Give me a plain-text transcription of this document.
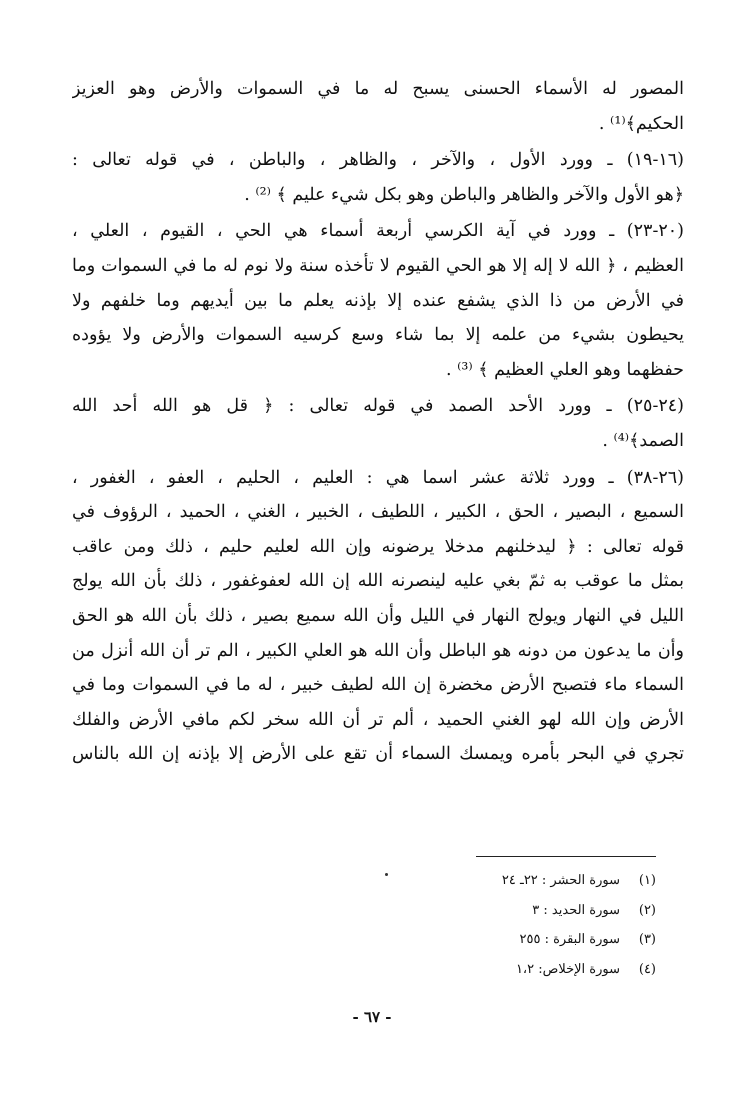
المصور له الأسماء الحسنى يسبح له ما في السموات والأرض وهو العزيز
الحكيم﴾⁽¹⁾ .
(١٦-١٩) ـ وورد الأول ، والآخر ، والظاهر ، والباطن ، في قوله تعالى :
﴿هو الأول والآخر والظاهر والباطن وهو بكل شيء عليم ﴾ ⁽²⁾ .
(٢٠-٢٣) ـ وورد في آية الكرسي أربعة أسماء هي الحي ، القيوم ، العلي ،
العظيم ، ﴿ الله لا إله إلا هو الحي القيوم لا تأخذه سنة ولا نوم له ما في السموات وما
في الأرض من ذا الذي يشفع عنده إلا بإذنه يعلم ما بين أيديهم وما خلفهم ولا
يحيطون بشيء من علمه إلا بما شاء وسع كرسيه السموات والأرض ولا يؤوده
حفظهما وهو العلي العظيم ﴾ ⁽³⁾ .
(٢٤-٢٥) ـ وورد الأحد الصمد في قوله تعالى : ﴿ قل هو الله أحد الله
الصمد﴾⁽⁴⁾ .
(٢٦-٣٨) ـ وورد ثلاثة عشر اسما هي : العليم ، الحليم ، العفو ، الغفور ،
السميع ، البصير ، الحق ، الكبير ، اللطيف ، الخبير ، الغني ، الحميد ، الرؤوف في
قوله تعالى : ﴿ ليدخلنهم مدخلا يرضونه وإن الله لعليم حليم ، ذلك ومن عاقب
بمثل ما عوقب به ثمّ بغي عليه لينصرنه الله إن الله لعفوغفور ، ذلك بأن الله يولج
الليل في النهار ويولج النهار في الليل وأن الله سميع بصير ، ذلك بأن الله هو الحق
وأن ما يدعون من دونه هو الباطل وأن الله هو العلي الكبير ، الم تر أن الله أنزل من
السماء ماء فتصبح الأرض مخضرة إن الله لطيف خبير ، له ما في السموات وما في
الأرض وإن الله لهو الغني الحميد ، ألم تر أن الله سخر لكم مافي الأرض والفلك
تجري في البحر بأمره ويمسك السماء أن تقع على الأرض إلا بإذنه إن الله بالناس
(١)
سورة الحشر : ٢٢ـ ٢٤
(٢)
سورة الحديد : ٣
(٣)
سورة البقرة : ٢٥٥
(٤)
سورة الإخلاص: ١،٢
- ٦٧ -
